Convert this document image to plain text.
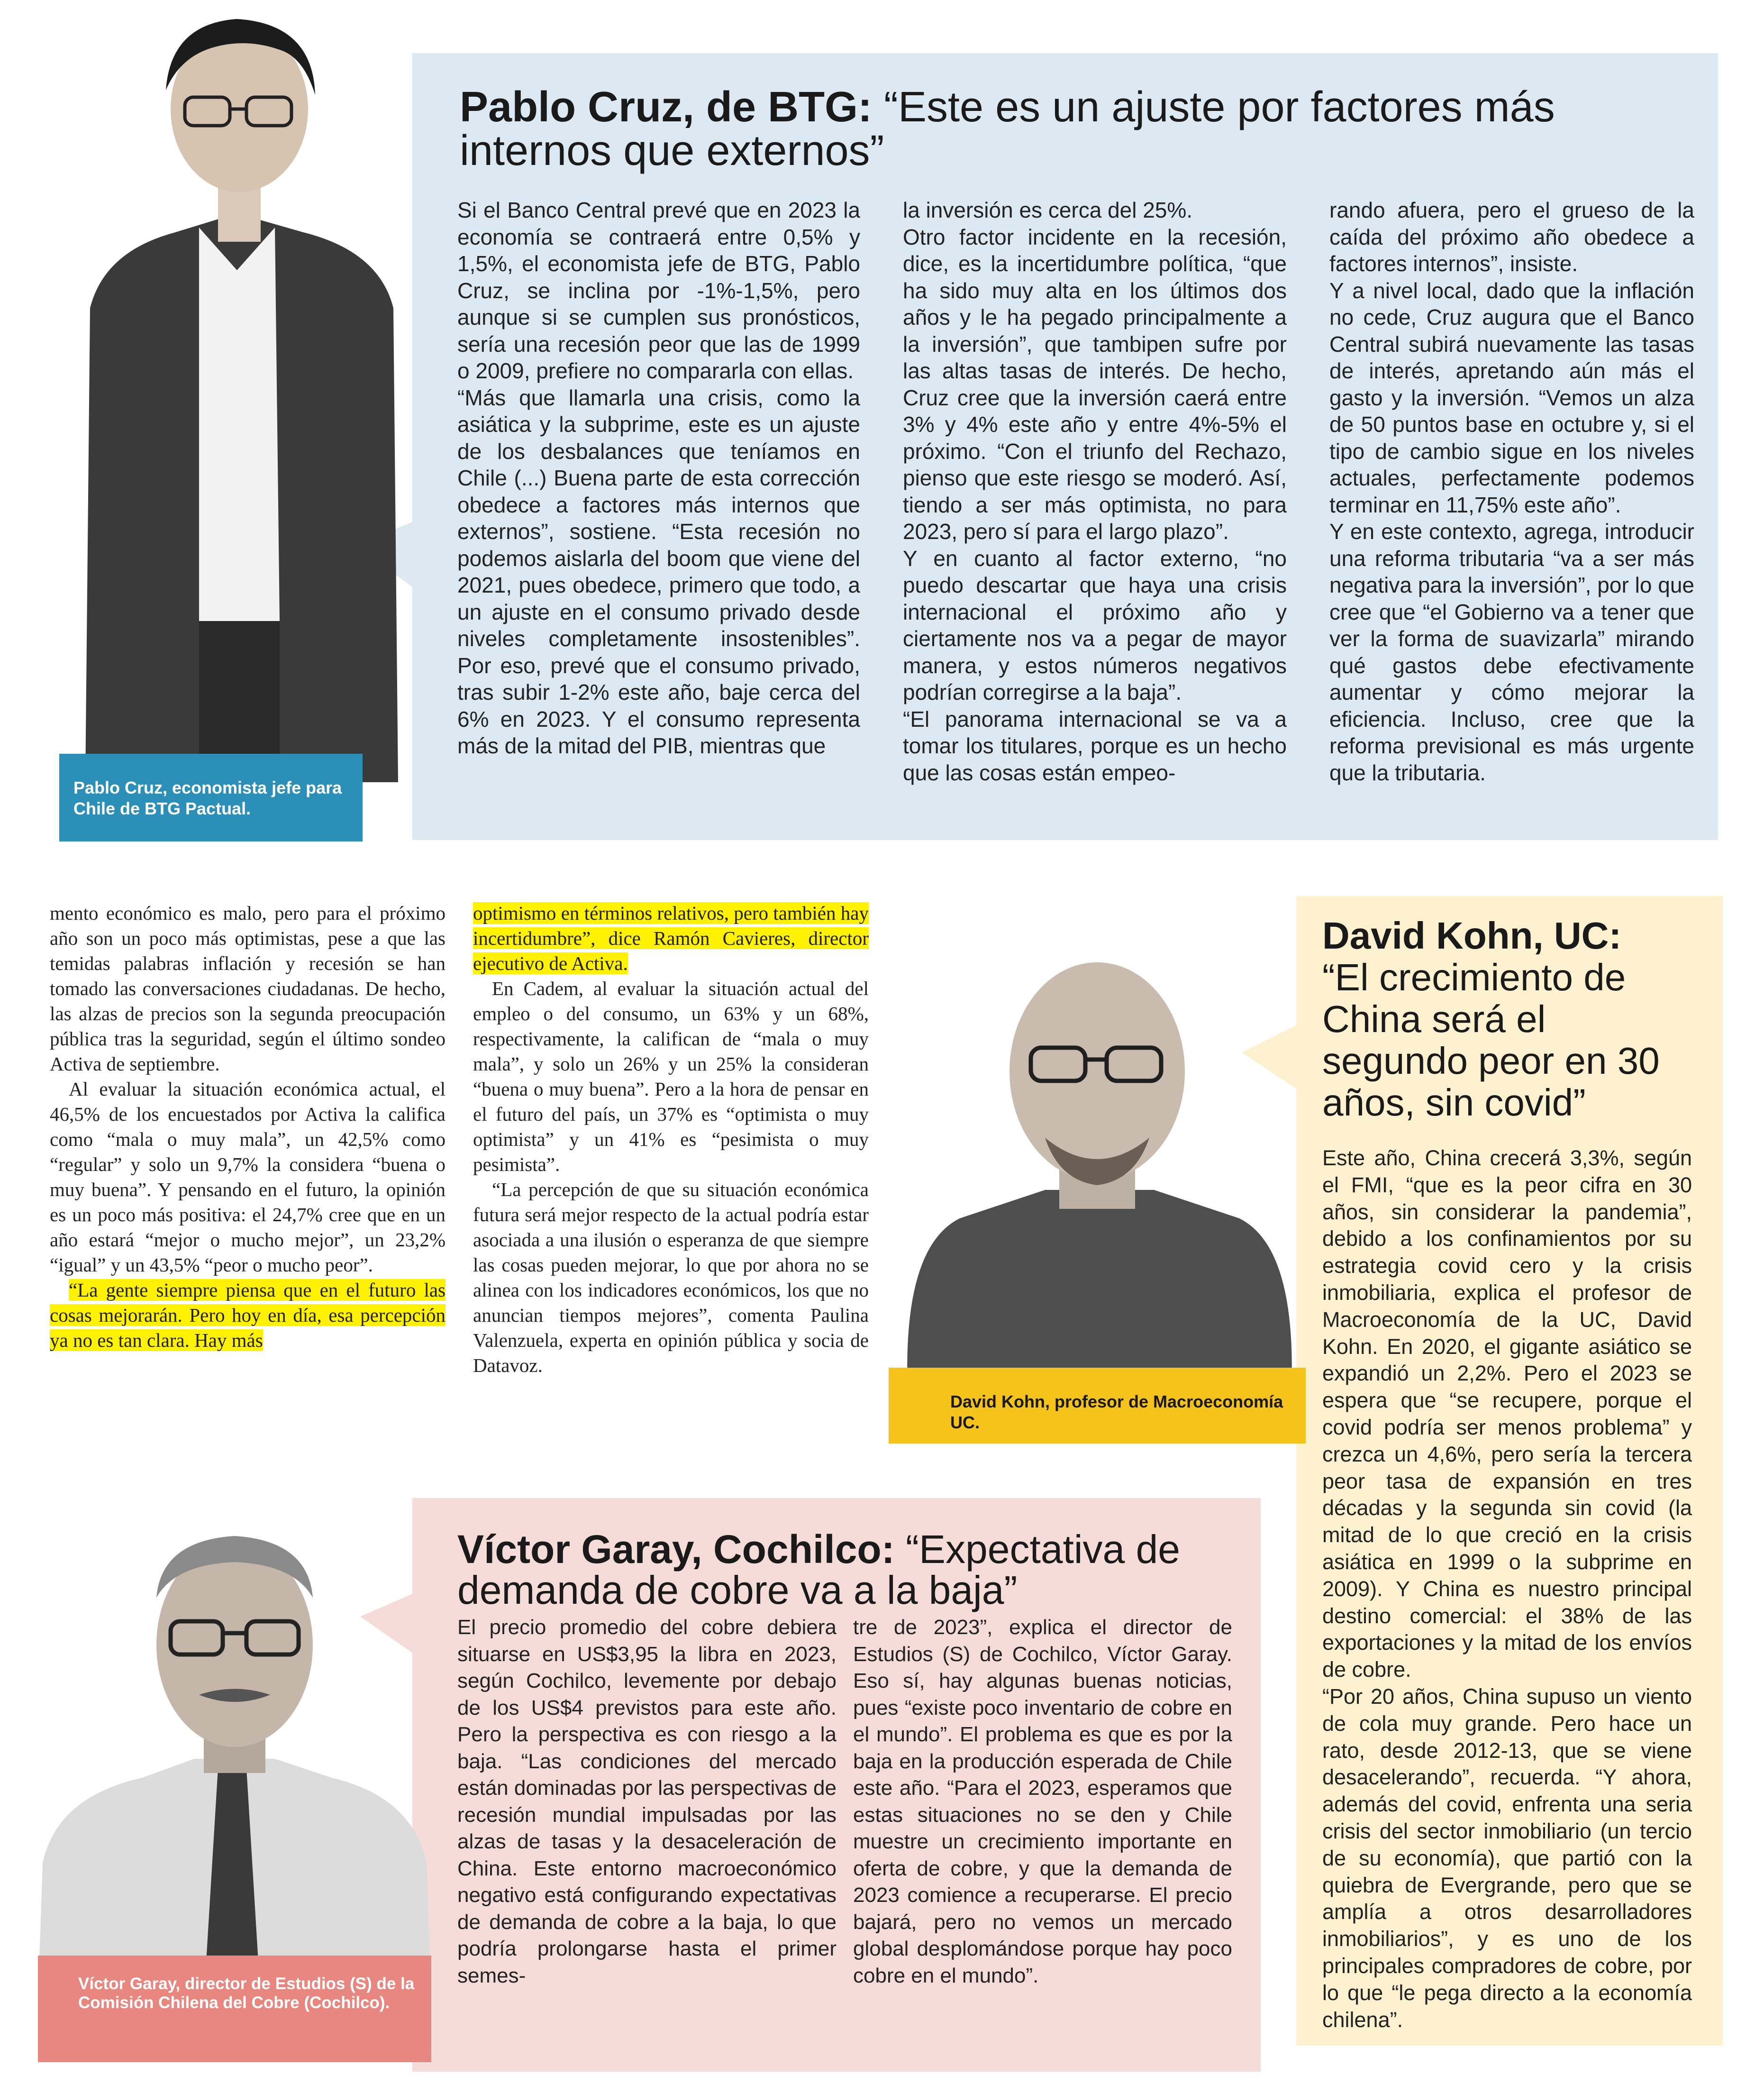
Pablo Cruz, economista jefe para Chile de BTG Pactual.
Pablo Cruz, de BTG: “Este es un ajuste por factores más internos que externos”
Si el Banco Central prevé que en 2023 la economía se contraerá entre 0,5% y 1,5%, el economista jefe de BTG, Pablo Cruz, se inclina por -1%-1,5%, pero aunque si se cumplen sus pronósticos, sería una recesión peor que las de 1999 o 2009, prefiere no compararla con ellas.
“Más que llamarla una crisis, como la asiática y la subprime, este es un ajuste de los desbalances que teníamos en Chile (...) Buena parte de esta corrección obedece a factores más internos que externos”, sostiene. “Esta recesión no podemos aislarla del boom que viene del 2021, pues obedece, primero que todo, a un ajuste en el consumo privado desde niveles completamente insostenibles”. Por eso, prevé que el consumo privado, tras subir 1-2% este año, baje cerca del 6% en 2023. Y el consumo representa más de la mitad del PIB, mientras que
la inversión es cerca del 25%.
Otro factor incidente en la recesión, dice, es la incertidumbre política, “que ha sido muy alta en los últimos dos años y le ha pegado principalmente a la inversión”, que tambipen sufre por las altas tasas de interés. De hecho, Cruz cree que la inversión caerá entre 3% y 4% este año y entre 4%-5% el próximo. “Con el triunfo del Rechazo, pienso que este riesgo se moderó. Así, tiendo a ser más optimista, no para 2023, pero sí para el largo plazo”.
Y en cuanto al factor externo, “no puedo descartar que haya una crisis internacional el próximo año y ciertamente nos va a pegar de mayor manera, y estos números negativos podrían corregirse a la baja”.
“El panorama internacional se va a tomar los titulares, porque es un hecho que las cosas están empeo-
rando afuera, pero el grueso de la caída del próximo año obedece a factores internos”, insiste.
Y a nivel local, dado que la inflación no cede, Cruz augura que el Banco Central subirá nuevamente las tasas de interés, apretando aún más el gasto y la inversión. “Vemos un alza de 50 puntos base en octubre y, si el tipo de cambio sigue en los niveles actuales, perfectamente podemos terminar en 11,75% este año”.
Y en este contexto, agrega, introducir una reforma tributaria “va a ser más negativa para la inversión”, por lo que cree que “el Gobierno va a tener que ver la forma de suavizarla” mirando qué gastos debe efectivamente aumentar y cómo mejorar la eficiencia. Incluso, cree que la reforma previsional es más urgente que la tributaria.
mento económico es malo, pero para el próximo año son un poco más optimistas, pese a que las temidas palabras inflación y recesión se han tomado las conversaciones ciudadanas. De hecho, las alzas de precios son la segunda preocupación pública tras la seguridad, según el último sondeo Activa de septiembre.
Al evaluar la situación económica actual, el 46,5% de los encuestados por Activa la califica como “mala o muy mala”, un 42,5% como “regular” y solo un 9,7% la considera “buena o muy buena”. Y pensando en el futuro, la opinión es un poco más positiva: el 24,7% cree que en un año estará “mejor o mucho mejor”, un 23,2% “igual” y un 43,5% “peor o mucho peor”.
“La gente siempre piensa que en el futuro las cosas mejorarán. Pero hoy en día, esa percepción ya no es tan clara. Hay más
optimismo en términos relativos, pero también hay incertidumbre”, dice Ramón Cavieres, director ejecutivo de Activa.
En Cadem, al evaluar la situación actual del empleo o del consumo, un 63% y un 68%, respectivamente, la califican de “mala o muy mala”, y solo un 26% y un 25% la consideran “buena o muy buena”. Pero a la hora de pensar en el futuro del país, un 37% es “optimista o muy optimista” y un 41% es “pesimista o muy pesimista”.
“La percepción de que su situación económica futura será mejor respecto de la actual podría estar asociada a una ilusión o esperanza de que siempre las cosas pueden mejorar, lo que por ahora no se alinea con los indicadores económicos, los que no anuncian tiempos mejores”, comenta Paulina Valenzuela, experta en opinión pública y socia de Datavoz.
David Kohn, profesor de Macroeconomía UC.
David Kohn, UC:
“El crecimiento de China será el segundo peor en 30 años, sin covid”
Este año, China crecerá 3,3%, según el FMI, “que es la peor cifra en 30 años, sin considerar la pandemia”, debido a los confinamientos por su estrategia covid cero y la crisis inmobiliaria, explica el profesor de Macroeconomía de la UC, David Kohn. En 2020, el gigante asiático se expandió un 2,2%. Pero el 2023 se espera que “se recupere, porque el covid podría ser menos problema” y crezca un 4,6%, pero sería la tercera peor tasa de expansión en tres décadas y la segunda sin covid (la mitad de lo que creció en la crisis asiática en 1999 o la subprime en 2009). Y China es nuestro principal destino comercial: el 38% de las exportaciones y la mitad de los envíos de cobre.
“Por 20 años, China supuso un viento de cola muy grande. Pero hace un rato, desde 2012-13, que se viene desacelerando”, recuerda. “Y ahora, además del covid, enfrenta una seria crisis del sector inmobiliario (un tercio de su economía), que partió con la quiebra de Evergrande, pero que se amplía a otros desarrolladores inmobiliarios”, y es uno de los principales compradores de cobre, por lo que “le pega directo a la economía chilena”.
Víctor Garay, director de Estudios (S) de la Comisión Chilena del Cobre (Cochilco).
Víctor Garay, Cochilco: “Expectativa de demanda de cobre va a la baja”
El precio promedio del cobre debiera situarse en US$3,95 la libra en 2023, según Cochilco, levemente por debajo de los US$4 previstos para este año. Pero la perspectiva es con riesgo a la baja. “Las condiciones del mercado están dominadas por las perspectivas de recesión mundial impulsadas por las alzas de tasas y la desaceleración de China. Este entorno macroeconómico negativo está configurando expectativas de demanda de cobre a la baja, lo que podría prolongarse hasta el primer semes-
tre de 2023”, explica el director de Estudios (S) de Cochilco, Víctor Garay. Eso sí, hay algunas buenas noticias, pues “existe poco inventario de cobre en el mundo”. El problema es que es por la baja en la producción esperada de Chile este año. “Para el 2023, esperamos que estas situaciones no se den y Chile muestre un crecimiento importante en oferta de cobre, y que la demanda de 2023 comience a recuperarse. El precio bajará, pero no vemos un mercado global desplomándose porque hay poco cobre en el mundo”.
